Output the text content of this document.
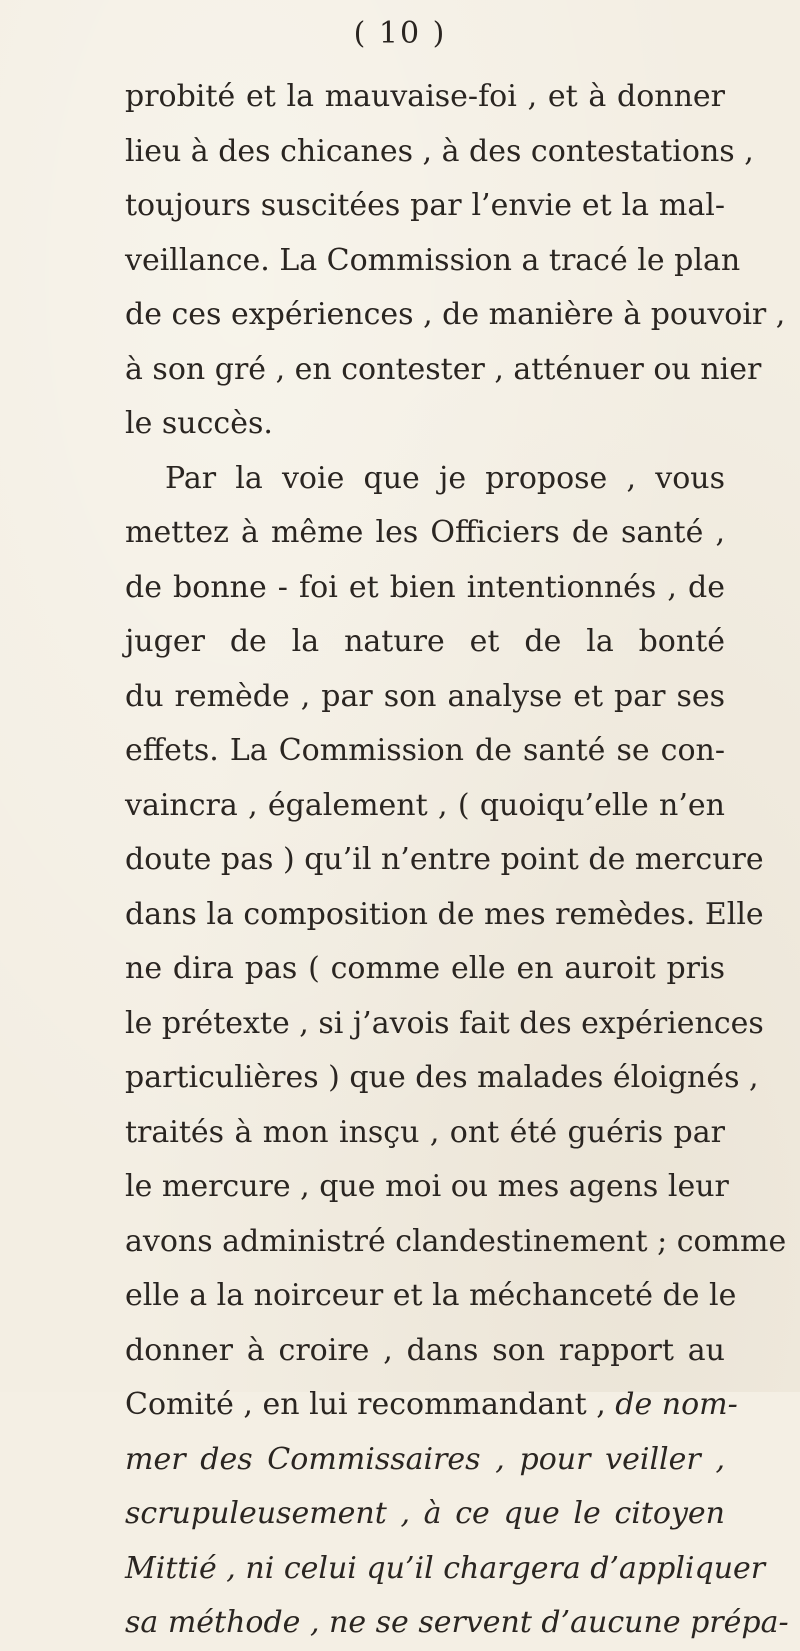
( 10 )
probité et la mauvaise-foi , et à donner
lieu à des chicanes , à des contestations ,
toujours suscitées par l’envie et la mal-
veillance. La Commission a tracé le plan
de ces expériences , de manière à pouvoir ,
à son gré , en contester , atténuer ou nier
le succès.
Par la voie que je propose , vous
mettez à même les Officiers de santé ,
de bonne - foi et bien intentionnés , de
juger de la nature et de la bonté
du remède , par son analyse et par ses
effets. La Commission de santé se con-
vaincra , également , ( quoiqu’elle n’en
doute pas ) qu’il n’entre point de mercure
dans la composition de mes remèdes. Elle
ne dira pas ( comme elle en auroit pris
le prétexte , si j’avois fait des expériences
particulières ) que des malades éloignés ,
traités à mon insçu , ont été guéris par
le mercure , que moi ou mes agens leur
avons administré clandestinement ; comme
elle a la noirceur et la méchanceté de le
donner à croire , dans son rapport au
Comité , en lui recommandant , de nom-
mer des Commissaires , pour veiller ,
scrupuleusement , à ce que le citoyen
Mittié , ni celui qu’il chargera d’appliquer
sa méthode , ne se servent d’aucune prépa-
